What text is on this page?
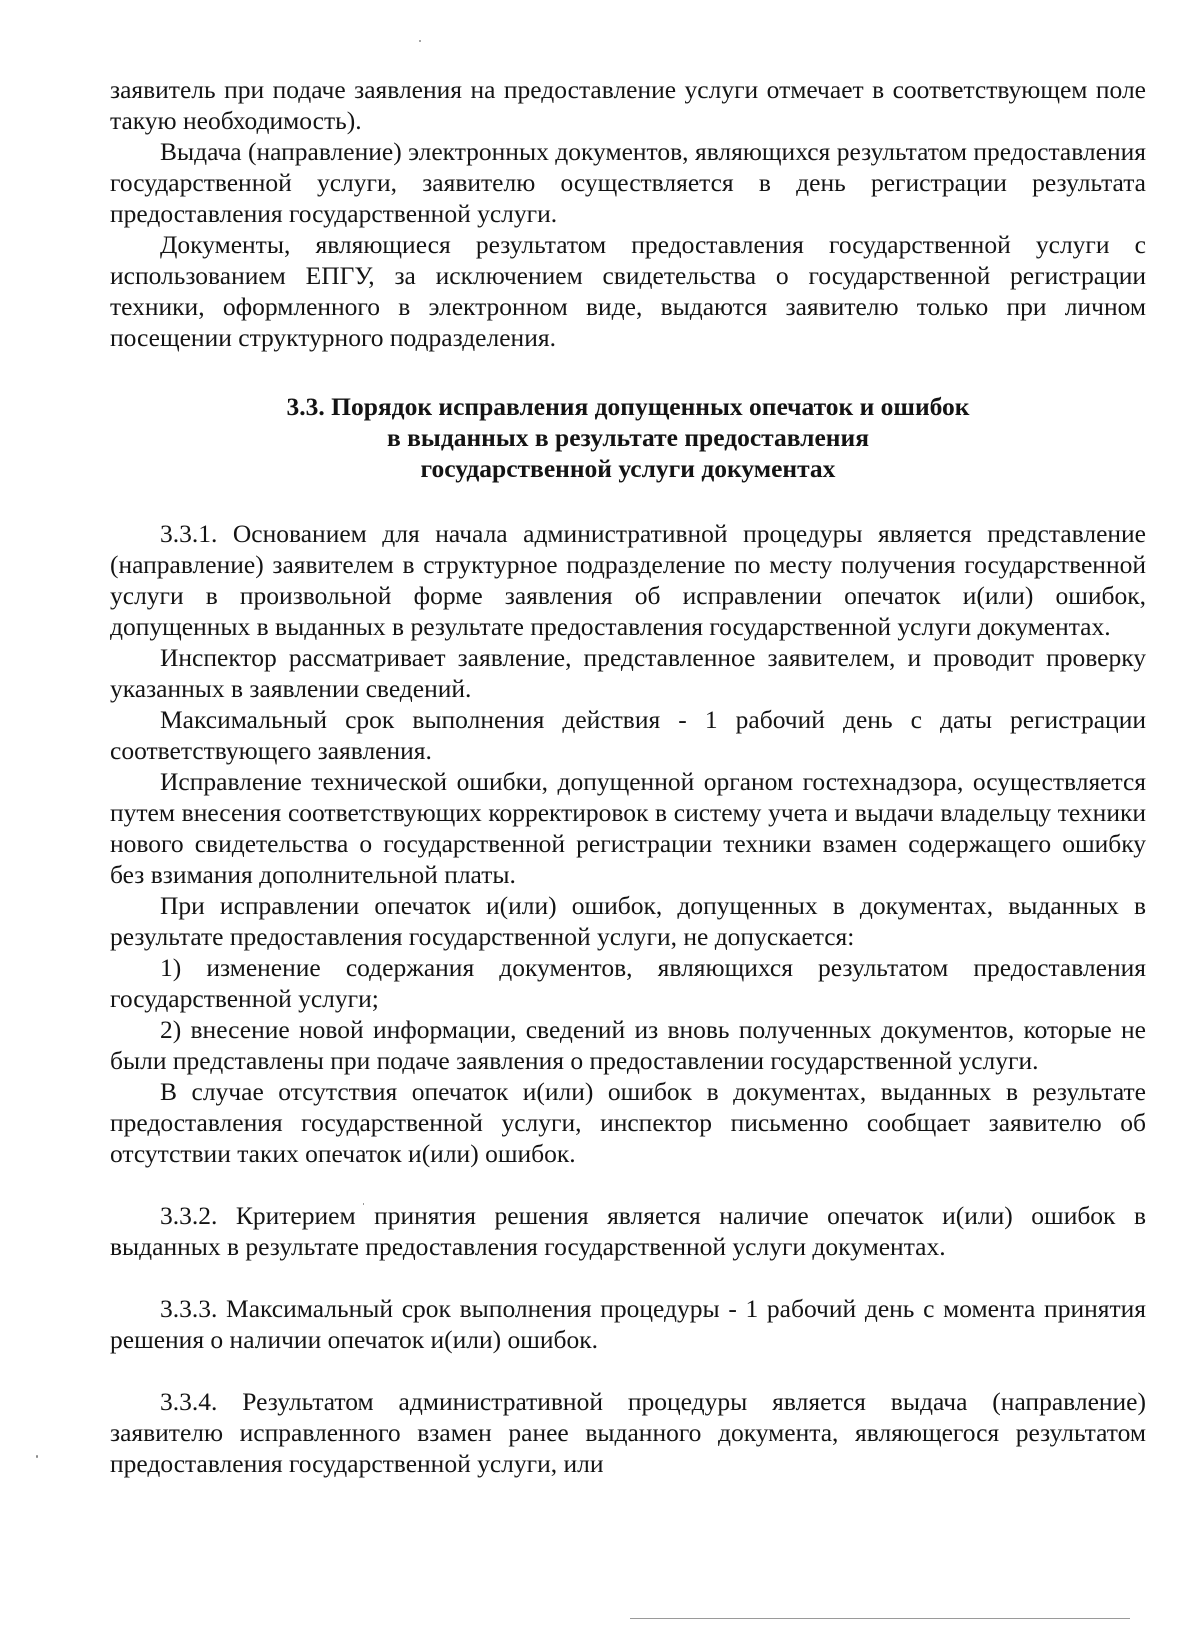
заявитель при подаче заявления на предоставление услуги отмечает в соответствующем поле такую необходимость).

Выдача (направление) электронных документов, являющихся результатом предоставления государственной услуги, заявителю осуществляется в день регистрации результата предоставления государственной услуги.

Документы, являющиеся результатом предоставления государственной услуги с использованием ЕПГУ, за исключением свидетельства о государственной регистрации техники, оформленного в электронном виде, выдаются заявителю только при личном посещении структурного подразделения.

3.3. Порядок исправления допущенных опечаток и ошибок
в выданных в результате предоставления
государственной услуги документах

3.3.1. Основанием для начала административной процедуры является представление (направление) заявителем в структурное подразделение по месту получения государственной услуги в произвольной форме заявления об исправлении опечаток и(или) ошибок, допущенных в выданных в результате предоставления государственной услуги документах.

Инспектор рассматривает заявление, представленное заявителем, и проводит проверку указанных в заявлении сведений.

Максимальный срок выполнения действия - 1 рабочий день с даты регистрации соответствующего заявления.

Исправление технической ошибки, допущенной органом гостехнадзора, осуществляется путем внесения соответствующих корректировок в систему учета и выдачи владельцу техники нового свидетельства о государственной регистрации техники взамен содержащего ошибку без взимания дополнительной платы.

При исправлении опечаток и(или) ошибок, допущенных в документах, выданных в результате предоставления государственной услуги, не допускается:

1) изменение содержания документов, являющихся результатом предоставления государственной услуги;

2) внесение новой информации, сведений из вновь полученных документов, которые не были представлены при подаче заявления о предоставлении государственной услуги.

В случае отсутствия опечаток и(или) ошибок в документах, выданных в результате предоставления государственной услуги, инспектор письменно сообщает заявителю об отсутствии таких опечаток и(или) ошибок.

3.3.2. Критерием принятия решения является наличие опечаток и(или) ошибок в выданных в результате предоставления государственной услуги документах.

3.3.3. Максимальный срок выполнения процедуры - 1 рабочий день с момента принятия решения о наличии опечаток и(или) ошибок.

3.3.4. Результатом административной процедуры является выдача (направление) заявителю исправленного взамен ранее выданного документа, являющегося результатом предоставления государственной услуги, или
